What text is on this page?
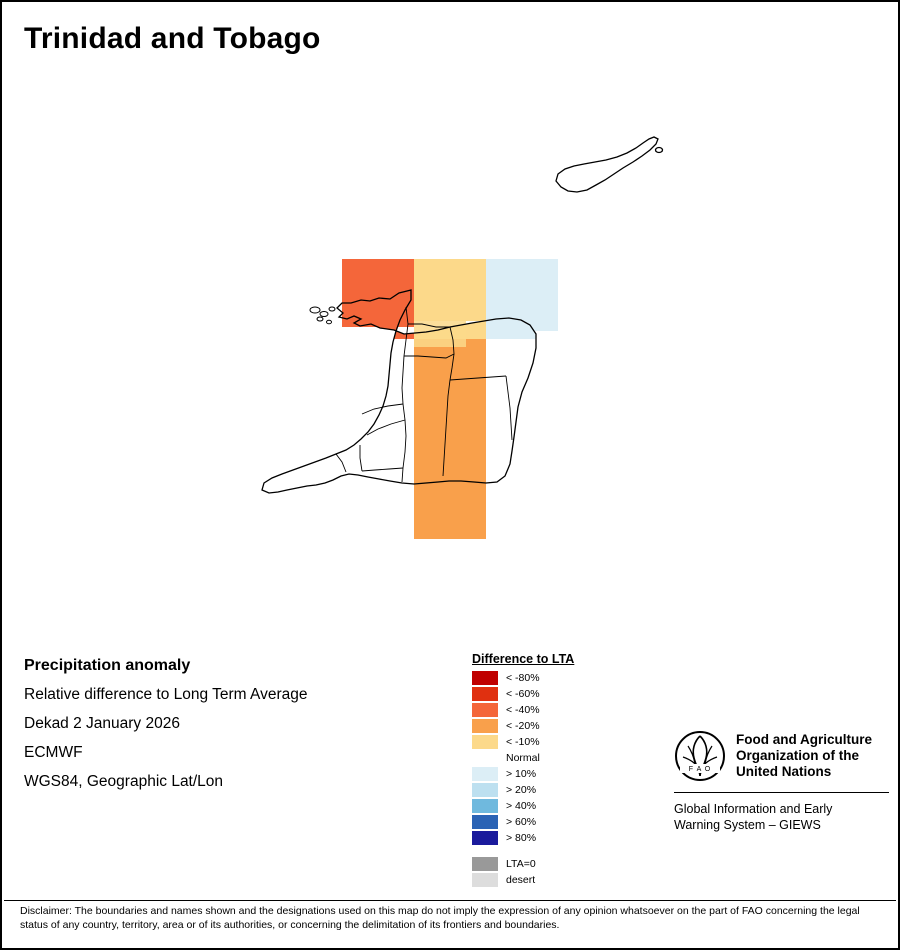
Trinidad and Tobago
Precipitation anomaly
Relative difference to Long Term Average
Dekad 2 January 2026
ECMWF
WGS84, Geographic Lat/Lon
Difference to LTA
< -80%
< -60%
< -40%
< -20%
< -10%
Normal
> 10%
> 20%
> 40%
> 60%
> 80%
LTA=0
desert
F A O
Food and Agriculture
Organization of the
United Nations
Global Information and Early
Warning System – GIEWS
Disclaimer: The boundaries and names shown and the designations used on this map do not imply the expression of any opinion whatsoever on the part of FAO concerning the legal status of any country, territory, area or of its authorities, or concerning the delimitation of its frontiers and boundaries.
